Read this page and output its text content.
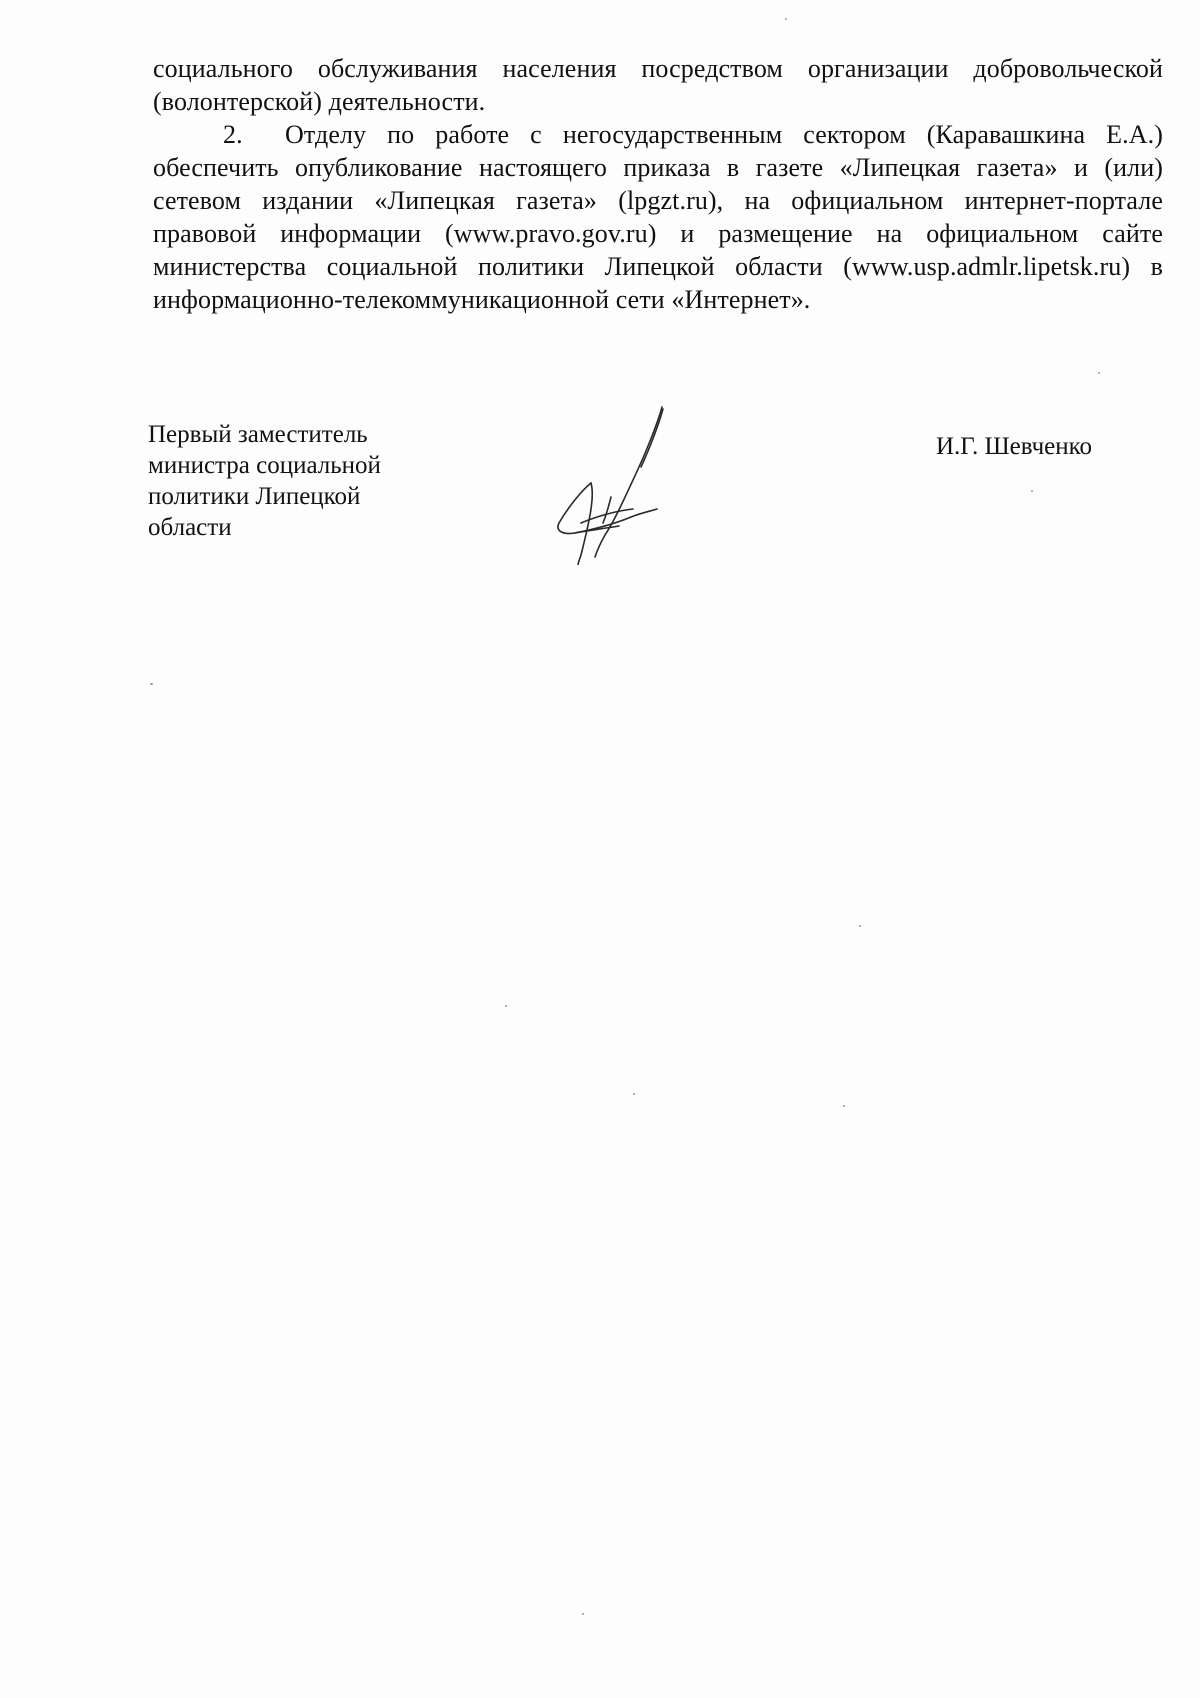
социального обслуживания населения посредством организации добровольческой (волонтерской) деятельности.

2. Отделу по работе с негосударственным сектором (Каравашкина Е.А.) обеспечить опубликование настоящего приказа в газете «Липецкая газета» и (или) сетевом издании «Липецкая газета» (lpgzt.ru), на официальном интернет-портале правовой информации (www.pravo.gov.ru) и размещение на официальном сайте министерства социальной политики Липецкой области (www.usp.admlr.lipetsk.ru) в информационно-телекоммуникационной сети «Интернет».

Первый заместитель
министра социальной
политики Липецкой
области
И.Г. Шевченко
